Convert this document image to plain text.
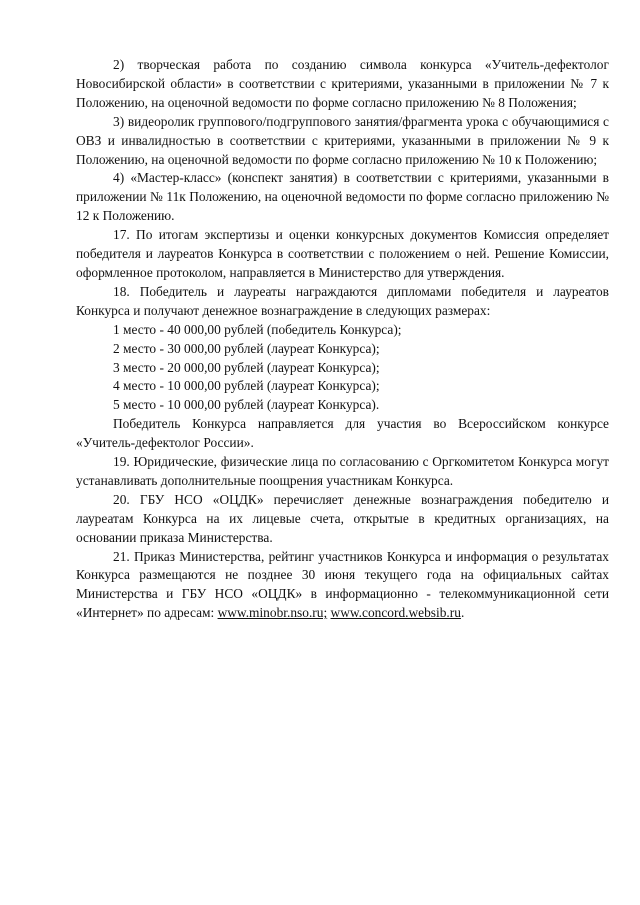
2) творческая работа по созданию символа конкурса «Учитель-дефектолог Новосибирской области» в соответствии с критериями, указанными в приложении № 7 к Положению, на оценочной ведомости по форме согласно приложению № 8 Положения;

3) видеоролик группового/подгруппового занятия/фрагмента урока с обучающимися с ОВЗ и инвалидностью в соответствии с критериями, указанными в приложении № 9 к Положению, на оценочной ведомости по форме согласно приложению № 10 к Положению;

4) «Мастер-класс» (конспект занятия) в соответствии с критериями, указанными в приложении № 11к Положению, на оценочной ведомости по форме согласно приложению № 12 к Положению.

17. По итогам экспертизы и оценки конкурсных документов Комиссия определяет победителя и лауреатов Конкурса в соответствии с положением о ней. Решение Комиссии, оформленное протоколом, направляется в Министерство для утверждения.

18. Победитель и лауреаты награждаются дипломами победителя и лауреатов Конкурса и получают денежное вознаграждение в следующих размерах:

1 место - 40 000,00 рублей (победитель Конкурса);

2 место - 30 000,00 рублей (лауреат Конкурса);

3 место - 20 000,00 рублей (лауреат Конкурса);

4 место - 10 000,00 рублей (лауреат Конкурса);

5 место - 10 000,00 рублей (лауреат Конкурса).

Победитель Конкурса направляется для участия во Всероссийском конкурсе «Учитель-дефектолог России».

19. Юридические, физические лица по согласованию с Оргкомитетом Конкурса могут устанавливать дополнительные поощрения участникам Конкурса.

20. ГБУ НСО «ОЦДК» перечисляет денежные вознаграждения победителю и лауреатам Конкурса на их лицевые счета, открытые в кредитных организациях, на основании приказа Министерства.

21. Приказ Министерства, рейтинг участников Конкурса и информация о результатах Конкурса размещаются не позднее 30 июня текущего года на официальных сайтах Министерства и ГБУ НСО «ОЦДК» в информационно - телекоммуникационной сети «Интернет» по адресам: www.minobr.nso.ru; www.concord.websib.ru.
